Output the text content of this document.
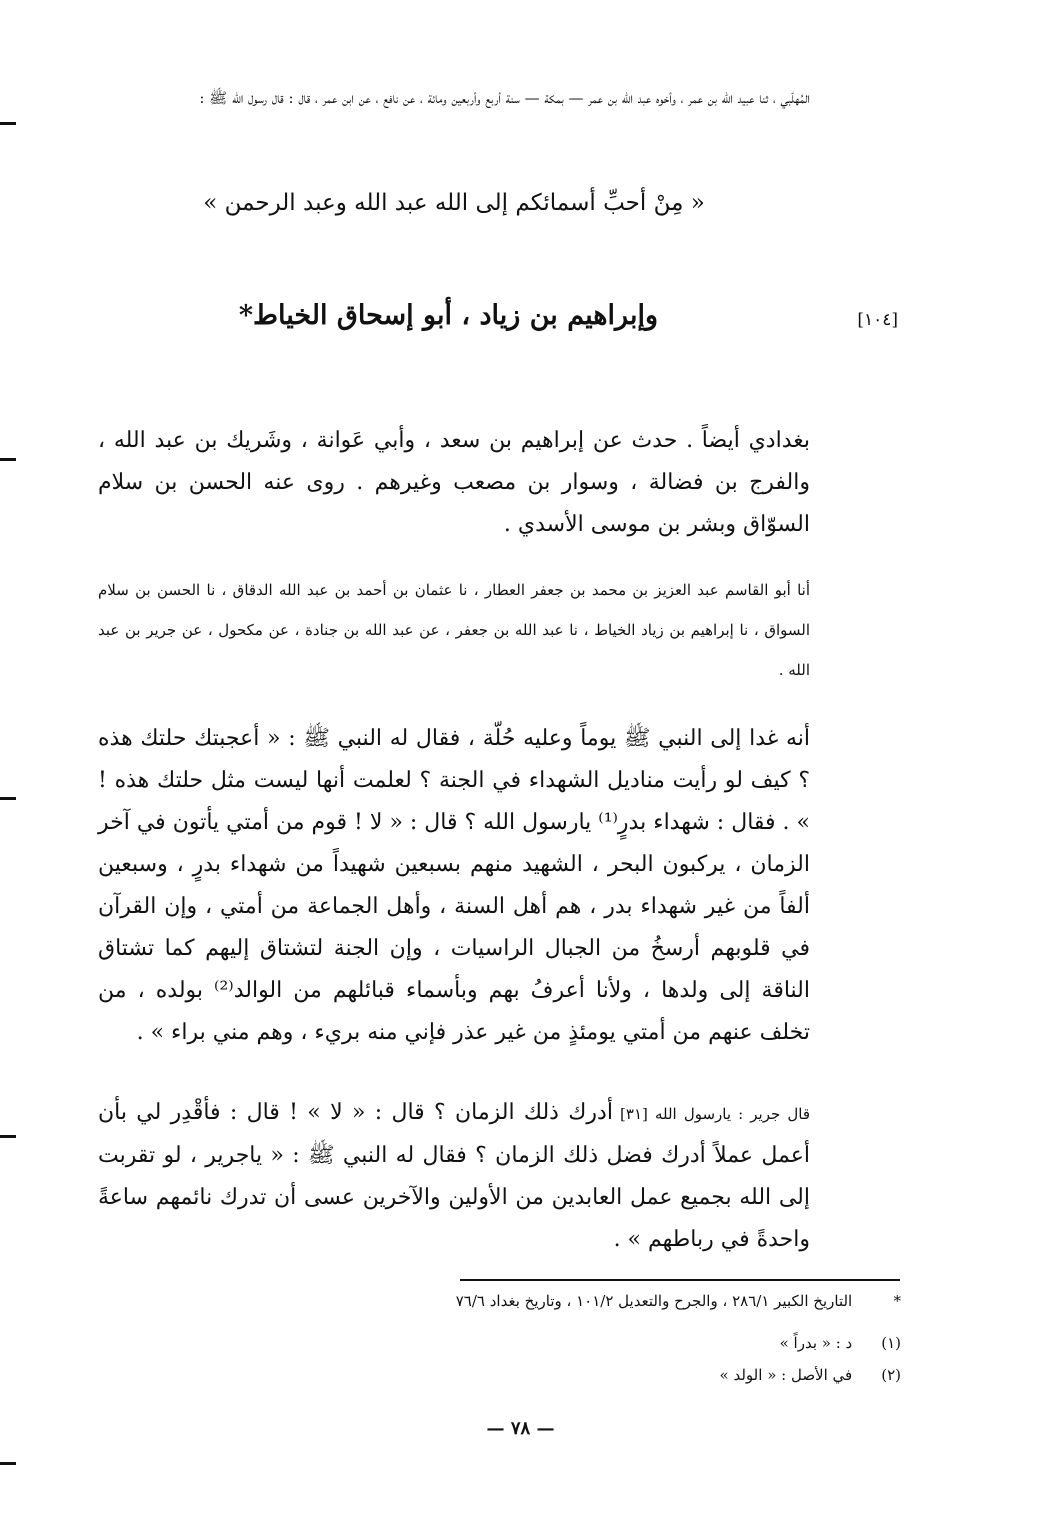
المُهلّبي ، ثنا عبيد الله بن عمر ، وأخوه عبد الله بن عمر — بمكة — سنة أربع وأربعين ومائة ، عن نافع ، عن ابن عمر ، قال : قال رسول الله ﷺ :
« مِنْ أحبِّ أسمائكم إلى الله عبد الله وعبد الرحمن »
[١٠٤]
وإبراهيم بن زياد ، أبو إسحاق الخياط*
بغدادي أيضاً . حدث عن إبراهيم بن سعد ، وأبي عَوانة ، وشَريك بن عبد الله ، والفرج بن فضالة ، وسوار بن مصعب وغيرهم . روى عنه الحسن بن سلام السوّاق وبشر بن موسى الأسدي .
أنا أبو القاسم عبد العزيز بن محمد بن جعفر العطار ، نا عثمان بن أحمد بن عبد الله الدقاق ، نا الحسن بن سلام السواق ، نا إبراهيم بن زياد الخياط ، نا عبد الله بن جعفر ، عن عبد الله بن جنادة ، عن مكحول ، عن جرير بن عبد الله .
أنه غدا إلى النبي ﷺ يوماً وعليه حُلّة ، فقال له النبي ﷺ : « أعجبتك حلتك هذه ؟ كيف لو رأيت مناديل الشهداء في الجنة ؟ لعلمت أنها ليست مثل حلتك هذه ! » . فقال : شهداء بدرٍ⁽¹⁾ يارسول الله ؟ قال : « لا ! قوم من أمتي يأتون في آخر الزمان ، يركبون البحر ، الشهيد منهم بسبعين شهيداً من شهداء بدرٍ ، وسبعين ألفاً من غير شهداء بدر ، هم أهل السنة ، وأهل الجماعة من أمتي ، وإن القرآن في قلوبهم أرسخُ من الجبال الراسيات ، وإن الجنة لتشتاق إليهم كما تشتاق الناقة إلى ولدها ، ولأنا أعرفُ بهم وبأسماء قبائلهم من الوالد⁽²⁾ بولده ، من تخلف عنهم من أمتي يومئذٍ من غير عذر فإني منه بريء ، وهم مني براء » .
قال جرير : يارسول الله [٣١] أدرك ذلك الزمان ؟ قال : « لا » ! قال : فأقْدِر لي بأن أعمل عملاً أدرك فضل ذلك الزمان ؟ فقال له النبي ﷺ : « ياجرير ، لو تقربت إلى الله بجميع عمل العابدين من الأولين والآخرين عسى أن تدرك نائمهم ساعةً واحدةً في رباطهم » .
* التاريخ الكبير ٢٨٦/١ ، والجرح والتعديل ١٠١/٢ ، وتاريخ بغداد ٧٦/٦
(١) د : « بدراً »
(٢) في الأصل : « الولد »
— ٧٨ —
